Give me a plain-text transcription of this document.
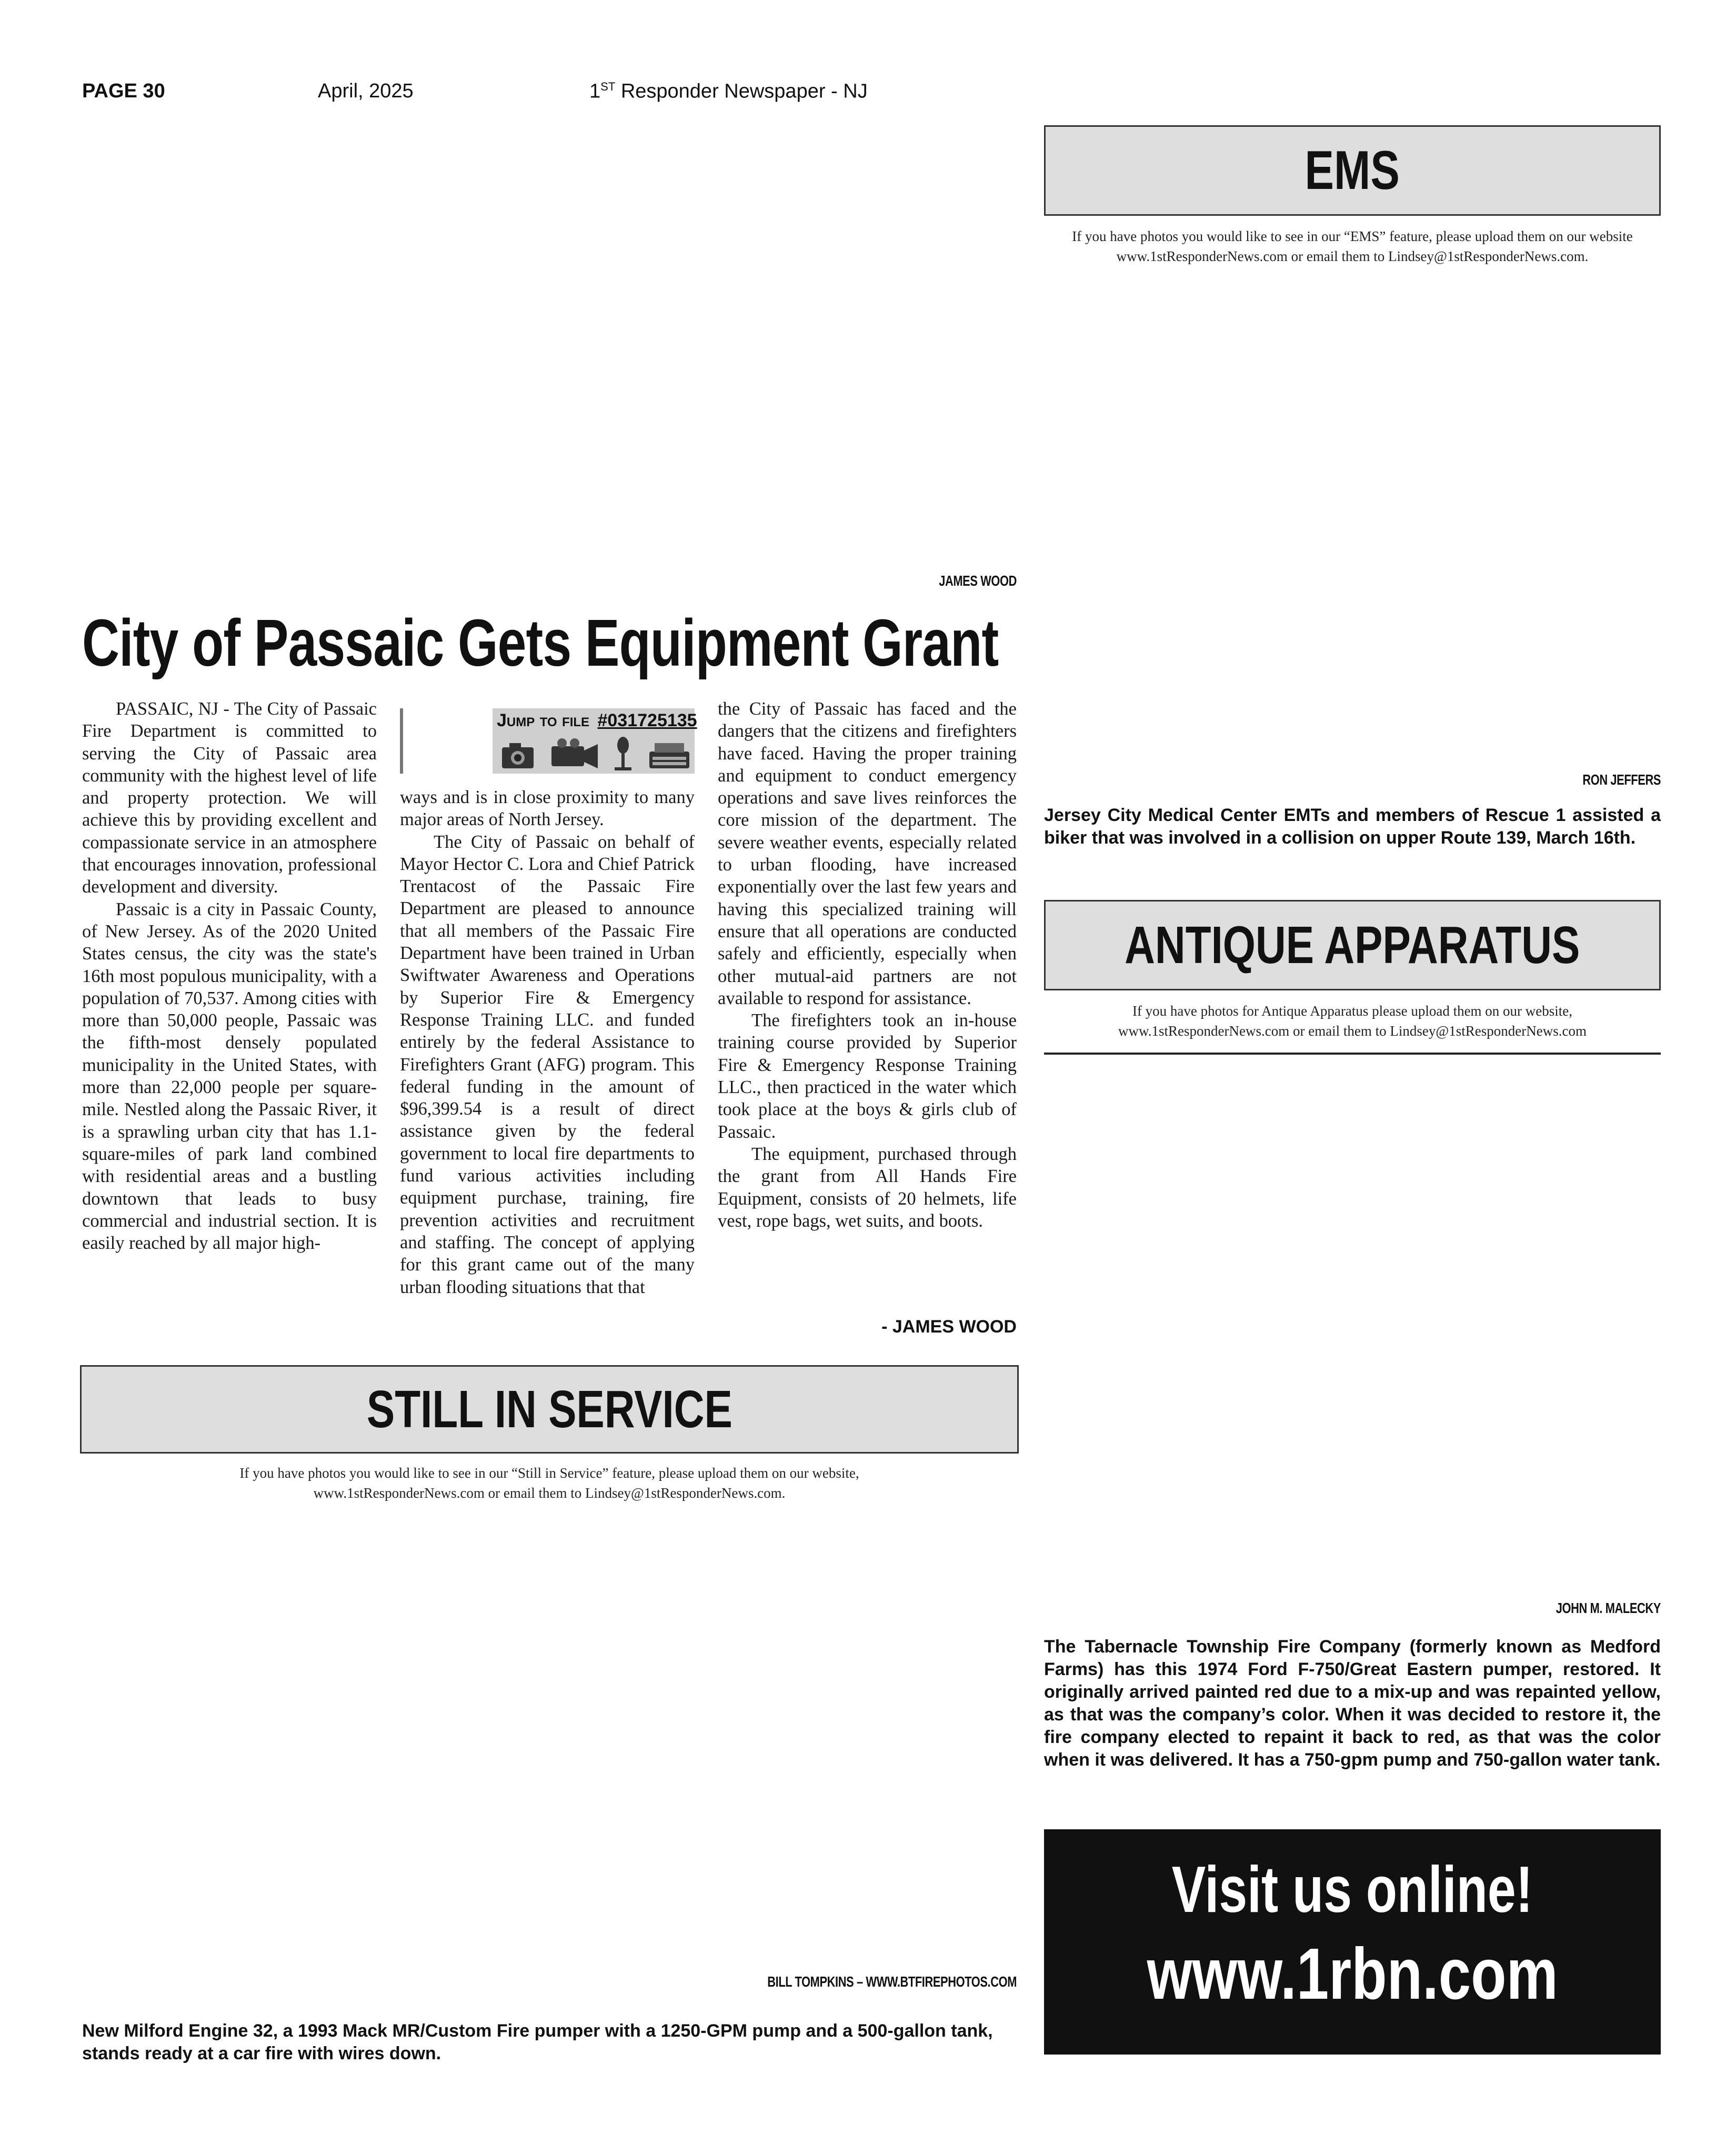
PAGE 30	April, 2025	1ST Responder Newspaper - NJ
EMS
If you have photos you would like to see in our “EMS” feature, please upload them on our website
www.1stResponderNews.com or email them to Lindsey@1stResponderNews.com.
JAMES WOOD
City of Passaic Gets Equipment Grant

PASSAIC, NJ - The City of Passaic Fire Department is committed to serving the City of Passaic area community with the highest level of life and property protection. We will achieve this by providing excellent and compassionate service in an atmosphere that encourages innovation, professional development and diversity.

Passaic is a city in Passaic County, of New Jersey. As of the 2020 United States census, the city was the state's 16th most populous municipality, with a population of 70,537. Among cities with more than 50,000 people, Passaic was the fifth-most densely populated municipality in the United States, with more than 22,000 people per square-mile. Nestled along the Passaic River, it is a sprawling urban city that has 1.1-square-miles of park land combined with residential areas and a bustling downtown that leads to busy commercial and industrial section. It is easily reached by all major high-

Jump to file #031725135

ways and is in close proximity to many major areas of North Jersey.

The City of Passaic on behalf of Mayor Hector C. Lora and Chief Patrick Trentacost of the Passaic Fire Department are pleased to announce that all members of the Passaic Fire Department have been trained in Urban Swiftwater Awareness and Operations by Superior Fire & Emergency Response Training LLC. and funded entirely by the federal Assistance to Firefighters Grant (AFG) program. This federal funding in the amount of $96,399.54 is a result of direct assistance given by the federal government to local fire departments to fund various activities including equipment purchase, training, fire prevention activities and recruitment and staffing. The concept of applying for this grant came out of the many urban flooding situations that that

the City of Passaic has faced and the dangers that the citizens and firefighters have faced. Having the proper training and equipment to conduct emergency operations and save lives reinforces the core mission of the department. The severe weather events, especially related to urban flooding, have increased exponentially over the last few years and having this specialized training will ensure that all operations are conducted safely and efficiently, especially when other mutual-aid partners are not available to respond for assistance.

The firefighters took an in-house training course provided by Superior Fire & Emergency Response Training LLC., then practiced in the water which took place at the boys & girls club of Passaic.

The equipment, purchased through the grant from All Hands Fire Equipment, consists of 20 helmets, life vest, rope bags, wet suits, and boots.

- JAMES WOOD
RON JEFFERS
Jersey City Medical Center EMTs and members of Rescue 1 assisted a biker that was involved in a collision on upper Route 139, March 16th.
ANTIQUE APPARATUS
If you have photos for Antique Apparatus please upload them on our website,
www.1stResponderNews.com or email them to Lindsey@1stResponderNews.com
STILL IN SERVICE
If you have photos you would like to see in our “Still in Service” feature, please upload them on our website,
www.1stResponderNews.com or email them to Lindsey@1stResponderNews.com.
JOHN M. MALECKY
The Tabernacle Township Fire Company (formerly known as Medford Farms) has this 1974 Ford F-750/Great Eastern pumper, restored. It originally arrived painted red due to a mix-up and was repainted yellow, as that was the company’s color. When it was decided to restore it, the fire company elected to repaint it back to red, as that was the color when it was delivered. It has a 750-gpm pump and 750-gallon water tank.
Visit us online!
www.1rbn.com
BILL TOMPKINS – WWW.BTFIREPHOTOS.COM
New Milford Engine 32, a 1993 Mack MR/Custom Fire pumper with a 1250-GPM pump and a 500-gallon tank, stands ready at a car fire with wires down.
